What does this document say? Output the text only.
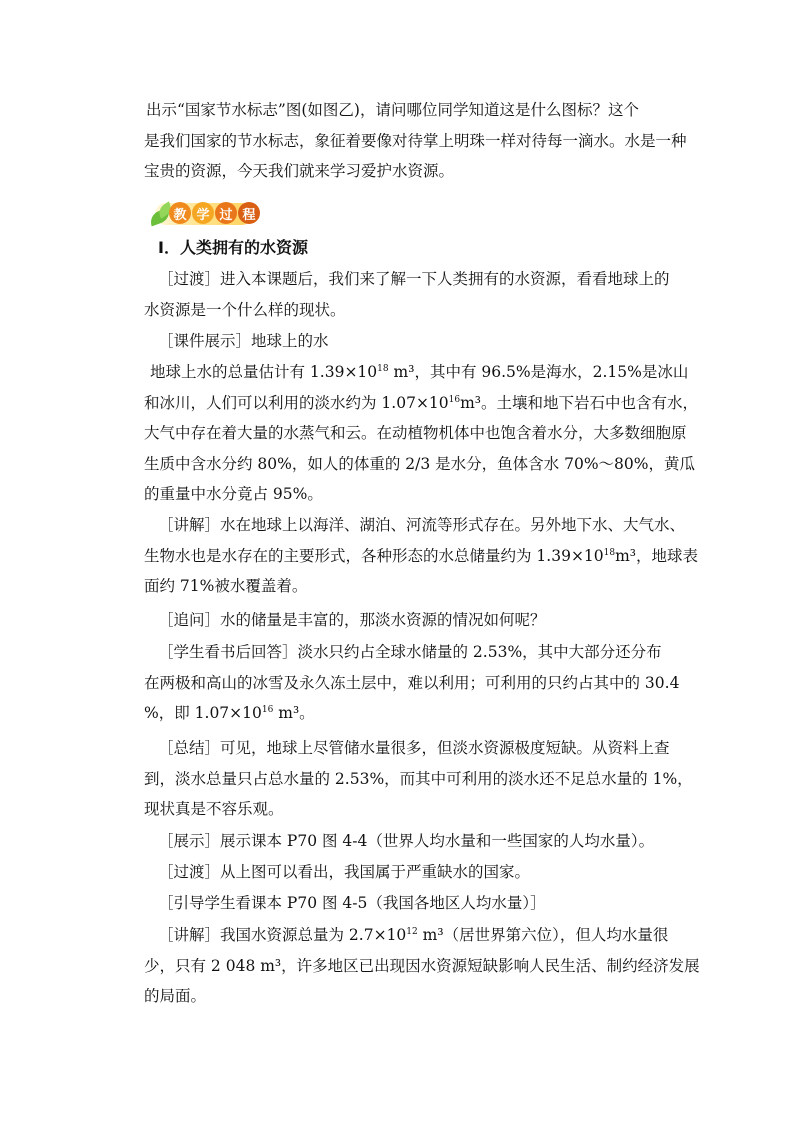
出示“国家节水标志”图(如图乙)，请问哪位同学知道这是什么图标？这个
是我们国家的节水标志，象征着要像对待掌上明珠一样对待每一滴水。水是一种
宝贵的资源，今天我们就来学习爱护水资源。
教 学 过 程
Ⅰ．人类拥有的水资源
［过渡］进入本课题后，我们来了解一下人类拥有的水资源，看看地球上的
水资源是一个什么样的现状。
［课件展示］地球上的水
地球上水的总量估计有 $1.39\times 10^{18}$ m³，其中有 96.5%是海水，2.15%是冰山
和冰川，人们可以利用的淡水约为 $1.07\times 10^{16}m^3$。土壤和地下岩石中也含有水，
大气中存在着大量的水蒸气和云。在动植物机体中也饱含着水分，大多数细胞原
生质中含水分约 80%，如人的体重的 2/3 是水分，鱼体含水 70%～80%，黄瓜
的重量中水分竟占 95%。
［讲解］水在地球上以海洋、湖泊、河流等形式存在。另外地下水、大气水、
生物水也是水存在的主要形式，各种形态的水总储量约为 $1.39\times 10^{18}m^3$，地球表
面约 71%被水覆盖着。
［追问］水的储量是丰富的，那淡水资源的情况如何呢？
［学生看书后回答］淡水只约占全球水储量的 2.53%，其中大部分还分布
在两极和高山的冰雪及永久冻土层中，难以利用；可利用的只约占其中的 30.4
%，即 $1.07\times 10^{16}$ m³。
［总结］可见，地球上尽管储水量很多，但淡水资源极度短缺。从资料上查
到，淡水总量只占总水量的 2.53%，而其中可利用的淡水还不足总水量的 1%，
现状真是不容乐观。
［展示］展示课本 P70 图 4-4（世界人均水量和一些国家的人均水量）。
［过渡］从上图可以看出，我国属于严重缺水的国家。
［引导学生看课本 P70 图 4-5（我国各地区人均水量）］
［讲解］我国水资源总量为 $2.7\times 10^{12}$ m³（居世界第六位），但人均水量很
少，只有 2 048 m³，许多地区已出现因水资源短缺影响人民生活、制约经济发展
的局面。
